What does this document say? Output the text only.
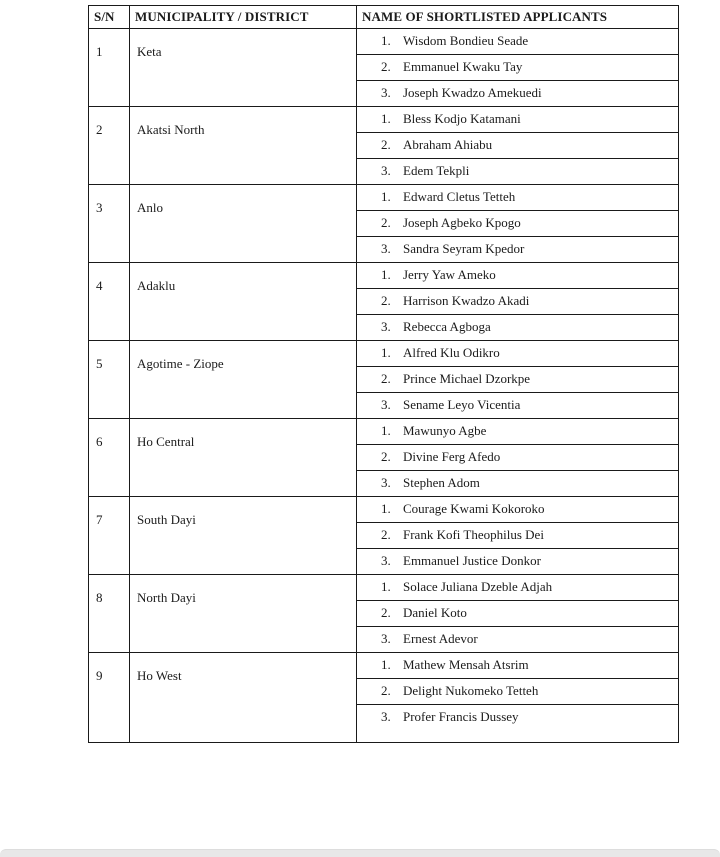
S/N	MUNICIPALITY / DISTRICT	NAME OF SHORTLISTED APPLICANTS
1	Keta	1. Wisdom Bondieu Seade
		2. Emmanuel Kwaku Tay
		3. Joseph Kwadzo Amekuedi
2	Akatsi North	1. Bless Kodjo Katamani
		2. Abraham Ahiabu
		3. Edem Tekpli
3	Anlo	1. Edward Cletus Tetteh
		2. Joseph Agbeko Kpogo
		3. Sandra Seyram Kpedor
4	Adaklu	1. Jerry Yaw Ameko
		2. Harrison Kwadzo Akadi
		3. Rebecca Agboga
5	Agotime - Ziope	1. Alfred Klu Odikro
		2. Prince Michael Dzorkpe
		3. Sename Leyo Vicentia
6	Ho Central	1. Mawunyo Agbe
		2. Divine Ferg Afedo
		3. Stephen Adom
7	South Dayi	1. Courage Kwami Kokoroko
		2. Frank Kofi Theophilus Dei
		3. Emmanuel Justice Donkor
8	North Dayi	1. Solace Juliana Dzeble Adjah
		2. Daniel Koto
		3. Ernest Adevor
9	Ho West	1. Mathew Mensah Atsrim
		2. Delight Nukomeko Tetteh
		3. Profer Francis Dussey
